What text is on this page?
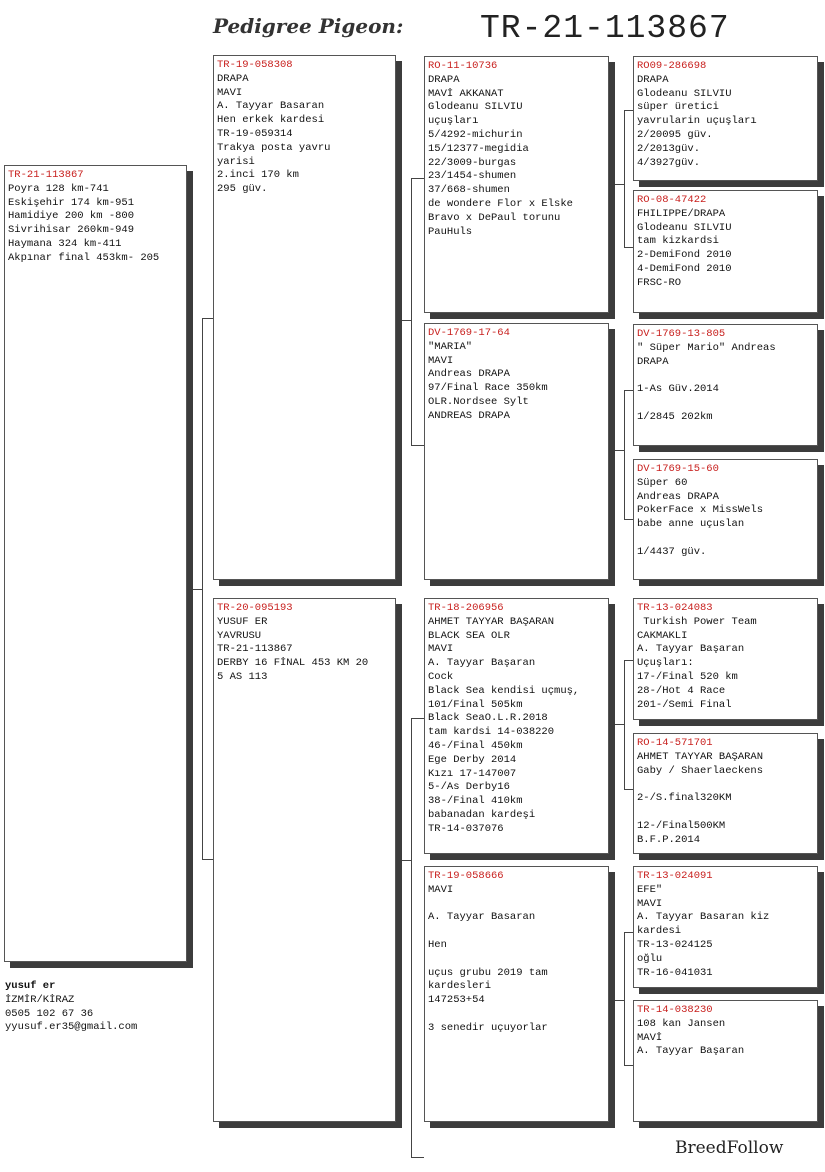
Pedigree Pigeon: TR-21-113867
TR-21-113867
Poyra 128 km-741
Eskişehir 174 km-951
Hamidiye 200 km -800
Sivrihisar 260km-949
Haymana 324 km-411
Akpınar final 453km- 205
yusuf er
İZMİR/KİRAZ
0505 102 67 36
yyusuf.er35@gmail.com
TR-19-058308
DRAPA
MAVI
A. Tayyar Basaran
Hen erkek kardesi
TR-19-059314
Trakya posta yavru
yarisi
2.inci 170 km
295 güv.
TR-20-095193
YUSUF ER
YAVRUSU
TR-21-113867
DERBY 16 FİNAL 453 KM 20
5 AS 113
RO-11-10736
DRAPA
MAVİ AKKANAT
Glodeanu SILVIU
uçuşları
5/4292-michurin
15/12377-megidia
22/3009-burgas
23/1454-shumen
37/668-shumen
de wondere Flor x Elske
Bravo x DePaul torunu
PauHuls
DV-1769-17-64
"MARIA"
MAVI
Andreas DRAPA
97/Final Race 350km
OLR.Nordsee Sylt
ANDREAS DRAPA
TR-18-206956
AHMET TAYYAR BAŞARAN
BLACK SEA OLR
MAVI
A. Tayyar Başaran
Cock
Black Sea kendisi uçmuş,
101/Final 505km
Black SeaO.L.R.2018
tam kardsi 14-038220
46-/Final 450km
Ege Derby 2014
Kızı 17-147007
5-/As Derby16
38-/Final 410km
babanadan kardeşi
TR-14-037076
TR-19-058666
MAVI
A. Tayyar Basaran
Hen
uçus grubu 2019 tam
kardesleri
147253+54
3 senedir uçuyorlar
RO09-286698
DRAPA
Glodeanu SILVIU
süper üretici
yavrularin uçuşları
2/20095 güv.
2/2013güv.
4/3927güv.
RO-08-47422
FHILIPPE/DRAPA
Glodeanu SILVIU
tam kizkardsi
2-DemiFond 2010
4-DemiFond 2010
FRSC-RO
DV-1769-13-805
" Süper Mario" Andreas
DRAPA
1-As Güv.2014
1/2845 202km
DV-1769-15-60
Süper 60
Andreas DRAPA
PokerFace x MissWels
babe anne uçuslan
1/4437 güv.
TR-13-024083
Turkish Power Team
CAKMAKLI
A. Tayyar Başaran
Uçuşları:
17-/Final 520 km
28-/Hot 4 Race
201-/Semi Final
RO-14-571701
AHMET TAYYAR BAŞARAN
Gaby / Shaerlaeckens
2-/S.final320KM
12-/Final500KM
B.F.P.2014
TR-13-024091
EFE"
MAVI
A. Tayyar Basaran kiz
kardesi
TR-13-024125
oğlu
TR-16-041031
TR-14-038230
108 kan Jansen
MAVİ
A. Tayyar Başaran
BreedFollow
